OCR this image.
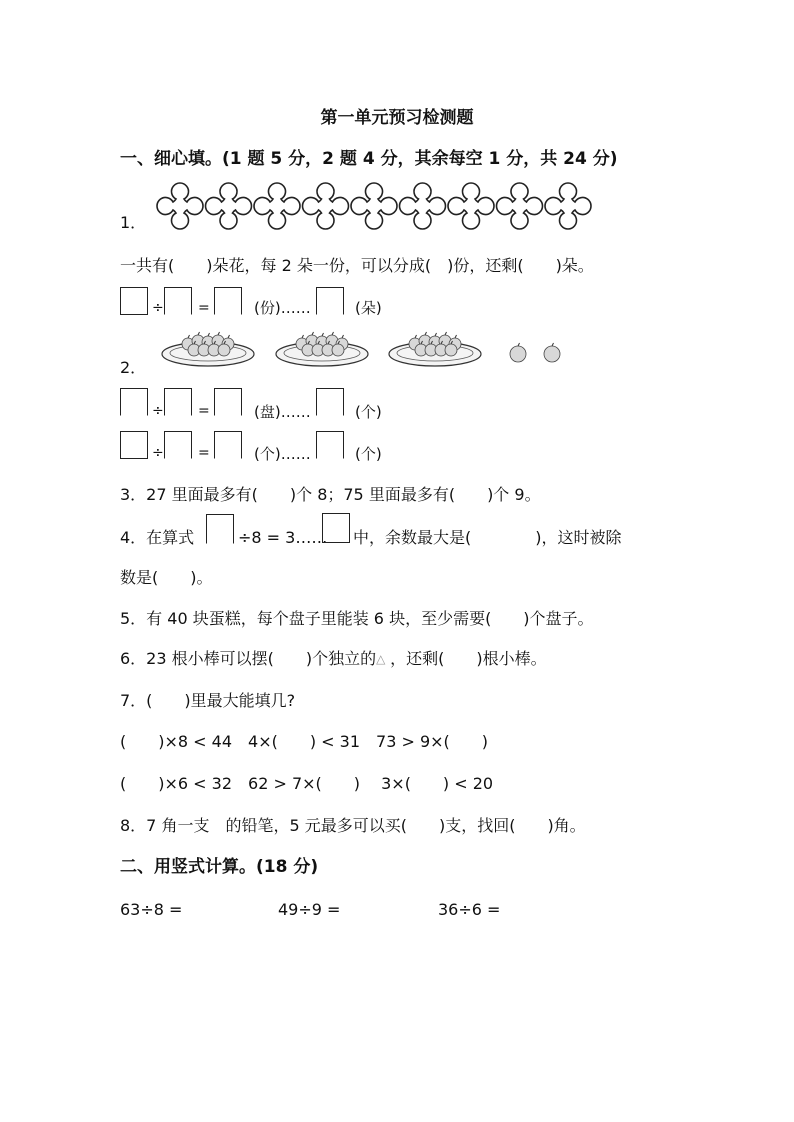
第一单元预习检测题
一、细心填。(1 题 5 分，2 题 4 分，其余每空 1 分，共 24 分)
1．
一共有(　　)朵花，每 2 朵一份，可以分成(　)份，还剩(　　)朵。
÷ =	(份)……	(朵)
2．
÷ =	(盘)……	(个)
÷ =	(个)……	(个)
3．27 里面最多有(　　)个 8；75 里面最多有(　　)个 9。
4．在算式	÷8 = 3…… 中，余数最大是(　　　　)，这时被除
数是(　　)。
5．有 40 块蛋糕，每个盘子里能装 6 块，至少需要(　　)个盘子。
6．23 根小棒可以摆(　　)个独立的△ ，还剩(　　)根小棒。
7．(　　)里最大能填几?
(　　)×8 < 44　4×(　　) < 31　73 > 9×(　　)
(　　)×6 < 32　62 > 7×(　　)　 3×(　　) < 20
8．7 角一支　的铅笔，5 元最多可以买(　　)支，找回(　　)角。
二、用竖式计算。(18 分)
63÷8 =	49÷9 =	36÷6 =
